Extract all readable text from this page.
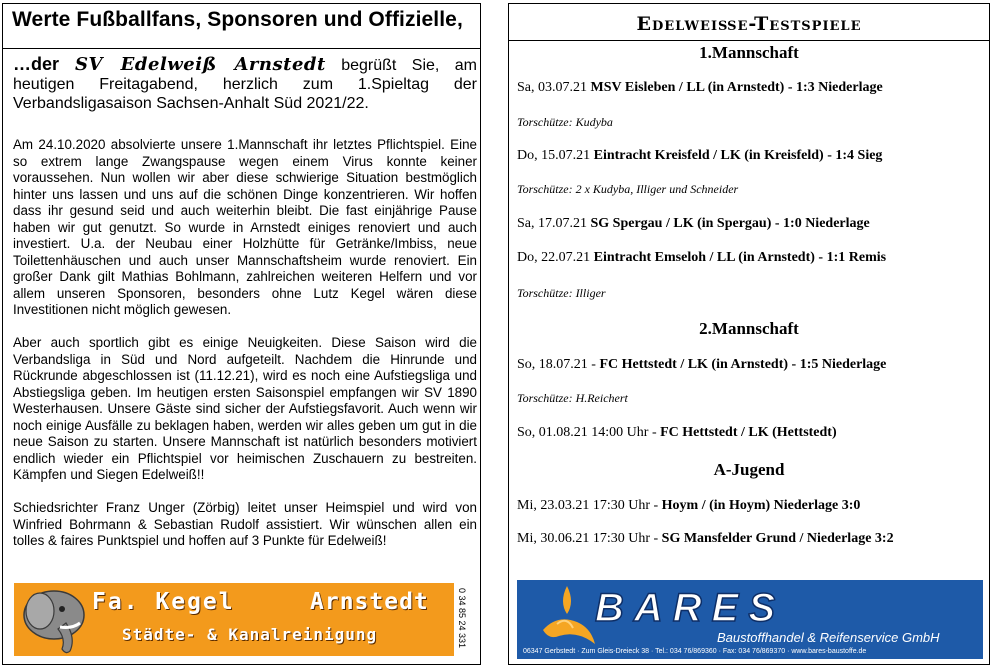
Werte Fußballfans, Sponsoren und Offizielle,
…der SV Edelweiß Arnstedt begrüßt Sie, am heutigen Freitagabend, herzlich zum 1.Spieltag der Verbandsligasaison Sachsen-Anhalt Süd 2021/22.

Am 24.10.2020 absolvierte unsere 1.Mannschaft ihr letztes Pflichtspiel. Eine so extrem lange Zwangspause wegen einem Virus konnte keiner voraussehen. Nun wollen wir aber diese schwierige Situation bestmöglich hinter uns lassen und uns auf die schönen Dinge konzentrieren. Wir hoffen dass ihr gesund seid und auch weiterhin bleibt. Die fast einjährige Pause haben wir gut genutzt. So wurde in Arnstedt einiges renoviert und auch investiert. U.a. der Neubau einer Holzhütte für Getränke/Imbiss, neue Toilettenhäuschen und auch unser Mannschaftsheim wurde renoviert. Ein großer Dank gilt Mathias Bohlmann, zahlreichen weiteren Helfern und vor allem unseren Sponsoren, besonders ohne Lutz Kegel wären diese Investitionen nicht möglich gewesen.

Aber auch sportlich gibt es einige Neuigkeiten. Diese Saison wird die Verbandsliga in Süd und Nord aufgeteilt. Nachdem die Hinrunde und Rückrunde abgeschlossen ist (11.12.21), wird es noch eine Aufstiegsliga und Abstiegsliga geben. Im heutigen ersten Saisonspiel empfangen wir SV 1890 Westerhausen. Unsere Gäste sind sicher der Aufstiegsfavorit. Auch wenn wir noch einige Ausfälle zu beklagen haben, werden wir alles geben um gut in die neue Saison zu starten. Unsere Mannschaft ist natürlich besonders motiviert endlich wieder ein Pflichtspiel vor heimischen Zuschauern zu bestreiten. Kämpfen und Siegen Edelweiß!!

Schiedsrichter Franz Unger (Zörbig) leitet unser Heimspiel und wird von Winfried Bohrmann & Sebastian Rudolf assistiert. Wir wünschen allen ein tolles & faires Punktspiel und hoffen auf 3 Punkte für Edelweiß!

Fa. Kegel	Arnstedt
Städte- & Kanalreinigung	0 34 85 24 331
Edelweiße-Testspiele
1.Mannschaft
Sa, 03.07.21 MSV Eisleben / LL (in Arnstedt) - 1:3 Niederlage
Torschütze: Kudyba
Do, 15.07.21 Eintracht Kreisfeld / LK (in Kreisfeld) - 1:4 Sieg
Torschütze: 2 x Kudyba, Illiger und Schneider
Sa, 17.07.21 SG Spergau / LK (in Spergau) - 1:0 Niederlage
Do, 22.07.21 Eintracht Emseloh / LL (in Arnstedt) - 1:1 Remis
Torschütze: Illiger
2.Mannschaft
So, 18.07.21 - FC Hettstedt / LK (in Arnstedt) - 1:5 Niederlage
Torschütze: H.Reichert
So, 01.08.21 14:00 Uhr - FC Hettstedt / LK (Hettstedt)
A-Jugend
Mi, 23.03.21 17:30 Uhr - Hoym / (in Hoym) Niederlage 3:0
Mi, 30.06.21 17:30 Uhr - SG Mansfelder Grund / Niederlage 3:2
BARES
Baustoffhandel & Reifenservice GmbH
06347 Gerbstedt · Zum Gleis-Dreieck 38 · Tel.: 034 76/869360 · Fax: 034 76/869370 · www.bares-baustoffe.de
